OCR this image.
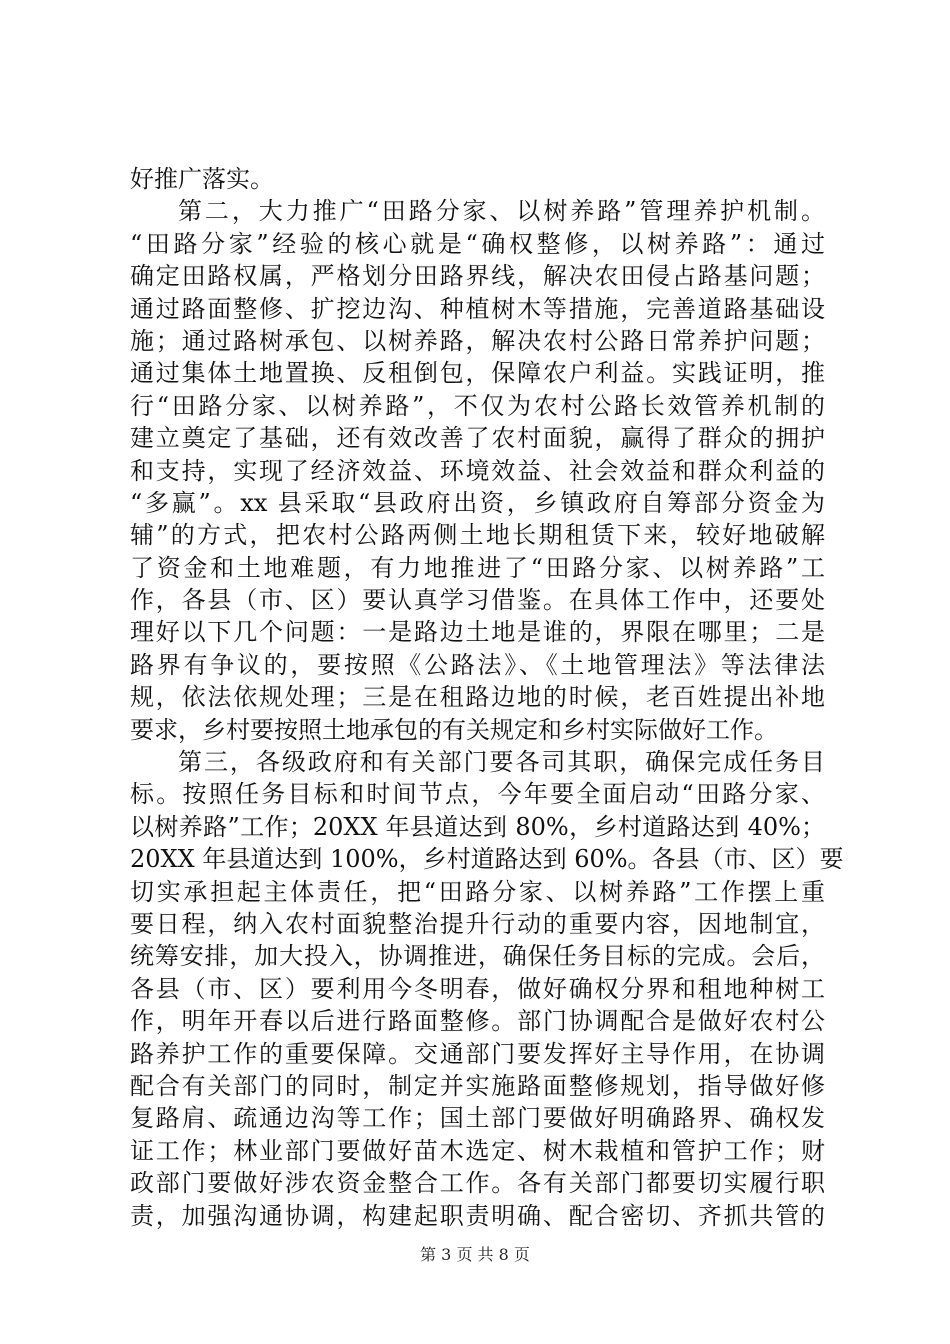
好推广落实。
第二，大力推广“田路分家、以树养路”管理养护机制。
“田路分家”经验的核心就是“确权整修，以树养路”：通过
确定田路权属，严格划分田路界线，解决农田侵占路基问题；
通过路面整修、扩挖边沟、种植树木等措施，完善道路基础设
施；通过路树承包、以树养路，解决农村公路日常养护问题；
通过集体土地置换、反租倒包，保障农户利益。实践证明，推
行“田路分家、以树养路”，不仅为农村公路长效管养机制的
建立奠定了基础，还有效改善了农村面貌，赢得了群众的拥护
和支持，实现了经济效益、环境效益、社会效益和群众利益的
“多赢”。xx 县采取“县政府出资，乡镇政府自筹部分资金为
辅”的方式，把农村公路两侧土地长期租赁下来，较好地破解
了资金和土地难题，有力地推进了“田路分家、以树养路”工
作，各县（市、区）要认真学习借鉴。在具体工作中，还要处
理好以下几个问题：一是路边土地是谁的，界限在哪里；二是
路界有争议的，要按照《公路法》、《土地管理法》等法律法
规，依法依规处理；三是在租路边地的时候，老百姓提出补地
要求，乡村要按照土地承包的有关规定和乡村实际做好工作。
第三，各级政府和有关部门要各司其职，确保完成任务目
标。按照任务目标和时间节点，今年要全面启动“田路分家、
以树养路”工作；20XX 年县道达到 80%，乡村道路达到 40%；
20XX 年县道达到 100%，乡村道路达到 60%。各县（市、区）要
切实承担起主体责任，把“田路分家、以树养路”工作摆上重
要日程，纳入农村面貌整治提升行动的重要内容，因地制宜，
统筹安排，加大投入，协调推进，确保任务目标的完成。会后，
各县（市、区）要利用今冬明春，做好确权分界和租地种树工
作，明年开春以后进行路面整修。部门协调配合是做好农村公
路养护工作的重要保障。交通部门要发挥好主导作用，在协调
配合有关部门的同时，制定并实施路面整修规划，指导做好修
复路肩、疏通边沟等工作；国土部门要做好明确路界、确权发
证工作；林业部门要做好苗木选定、树木栽植和管护工作；财
政部门要做好涉农资金整合工作。各有关部门都要切实履行职
责，加强沟通协调，构建起职责明确、配合密切、齐抓共管的
第 3 页 共 8 页
